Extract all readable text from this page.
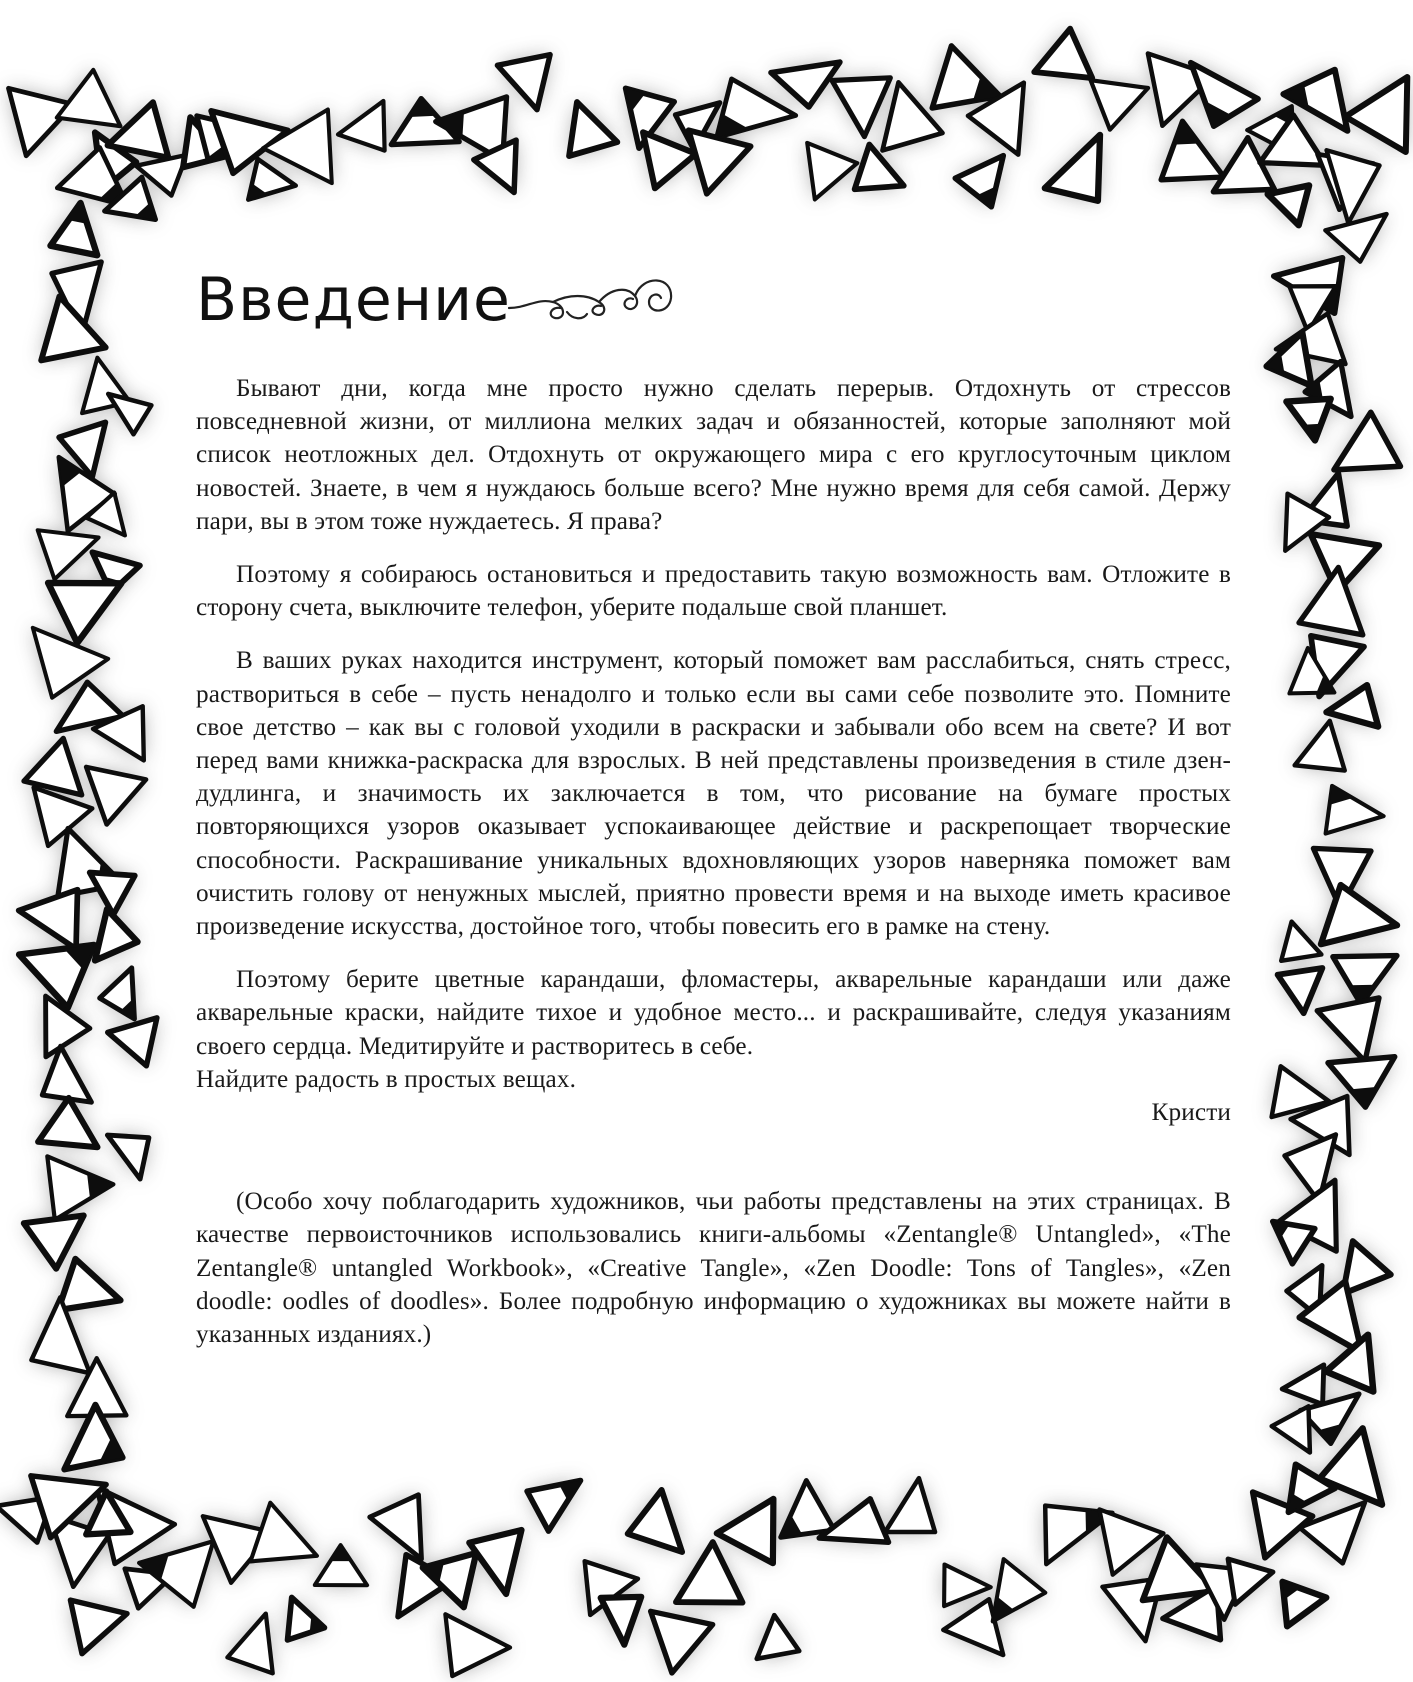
Введение

Бывают дни, когда мне просто нужно сделать перерыв. Отдохнуть от стрессов повседневной жизни, от миллиона мелких задач и обязанностей, которые заполняют мой список неотложных дел. Отдохнуть от окружающего мира с его круглосуточным циклом новостей. Знаете, в чем я нуждаюсь больше всего? Мне нужно время для себя самой. Держу пари, вы в этом тоже нуждаетесь. Я права?

Поэтому я собираюсь остановиться и предоставить такую возможность вам. Отложите в сторону счета, выключите телефон, уберите подальше свой планшет.

В ваших руках находится инструмент, который поможет вам расслабиться, снять стресс, раствориться в себе – пусть ненадолго и только если вы сами себе позволите это. Помните свое детство – как вы с головой уходили в раскраски и забывали обо всем на свете? И вот перед вами книжка-раскраска для взрослых. В ней представлены произведения в стиле дзен-дудлинга, и значимость их заключается в том, что рисование на бумаге простых повторяющихся узоров оказывает успокаивающее действие и раскрепощает творческие способности. Раскрашивание уникальных вдохновляющих узоров наверняка поможет вам очистить голову от ненужных мыслей, приятно провести время и на выходе иметь красивое произведение искусства, достойное того, чтобы повесить его в рамке на стену.

Поэтому берите цветные карандаши, фломастеры, акварельные карандаши или даже акварельные краски, найдите тихое и удобное место... и раскрашивайте, следуя указаниям своего сердца. Медитируйте и растворитесь в себе.

Найдите радость в простых вещах.

Кристи

(Особо хочу поблагодарить художников, чьи работы представлены на этих страницах. В качестве первоисточников использовались книги-альбомы «Zentangle® Untangled», «The Zentangle® untangled Workbook», «Creative Tangle», «Zen Doodle: Tons of Tangles», «Zen doodle: oodles of doodles». Более подробную информацию о художниках вы можете найти в указанных изданиях.)
